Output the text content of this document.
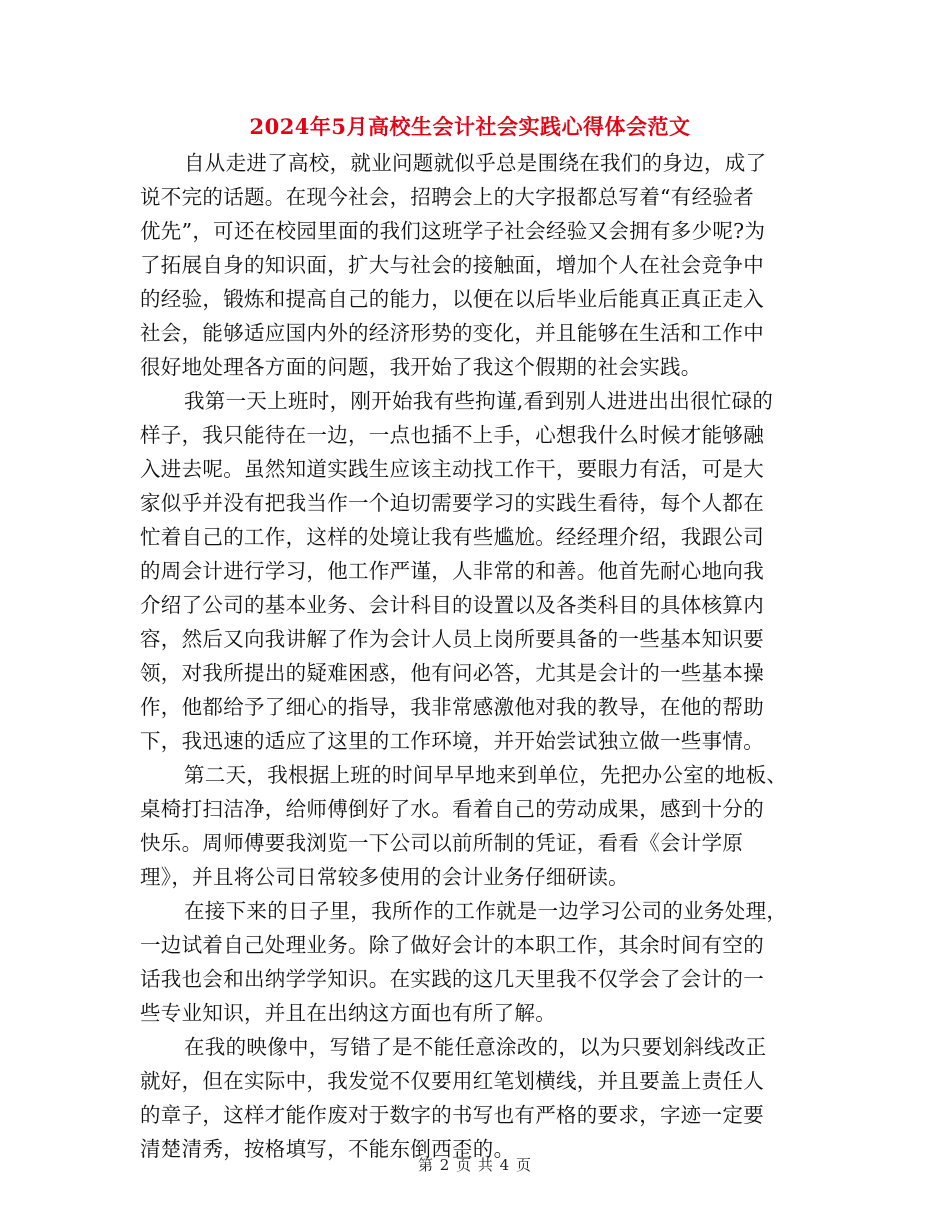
2024年5月高校生会计社会实践心得体会范文
自从走进了高校，就业问题就似乎总是围绕在我们的身边，成了
说不完的话题。在现今社会，招聘会上的大字报都总写着“有经验者
优先”，可还在校园里面的我们这班学子社会经验又会拥有多少呢?为
了拓展自身的知识面，扩大与社会的接触面，增加个人在社会竞争中
的经验，锻炼和提高自己的能力，以便在以后毕业后能真正真正走入
社会，能够适应国内外的经济形势的变化，并且能够在生活和工作中
很好地处理各方面的问题，我开始了我这个假期的社会实践。
我第一天上班时，刚开始我有些拘谨,看到别人进进出出很忙碌的
样子，我只能待在一边，一点也插不上手，心想我什么时候才能够融
入进去呢。虽然知道实践生应该主动找工作干，要眼力有活，可是大
家似乎并没有把我当作一个迫切需要学习的实践生看待，每个人都在
忙着自己的工作，这样的处境让我有些尴尬。经经理介绍，我跟公司
的周会计进行学习，他工作严谨，人非常的和善。他首先耐心地向我
介绍了公司的基本业务、会计科目的设置以及各类科目的具体核算内
容，然后又向我讲解了作为会计人员上岗所要具备的一些基本知识要
领，对我所提出的疑难困惑，他有问必答，尤其是会计的一些基本操
作，他都给予了细心的指导，我非常感激他对我的教导，在他的帮助
下，我迅速的适应了这里的工作环境，并开始尝试独立做一些事情。
第二天，我根据上班的时间早早地来到单位，先把办公室的地板、
桌椅打扫洁净，给师傅倒好了水。看着自己的劳动成果，感到十分的
快乐。周师傅要我浏览一下公司以前所制的凭证，看看《会计学原
理》，并且将公司日常较多使用的会计业务仔细研读。
在接下来的日子里，我所作的工作就是一边学习公司的业务处理，
一边试着自己处理业务。除了做好会计的本职工作，其余时间有空的
话我也会和出纳学学知识。在实践的这几天里我不仅学会了会计的一
些专业知识，并且在出纳这方面也有所了解。
在我的映像中，写错了是不能任意涂改的，以为只要划斜线改正
就好，但在实际中，我发觉不仅要用红笔划横线，并且要盖上责任人
的章子，这样才能作废对于数字的书写也有严格的要求，字迹一定要
清楚清秀，按格填写，不能东倒西歪的。
第 2 页 共 4 页
